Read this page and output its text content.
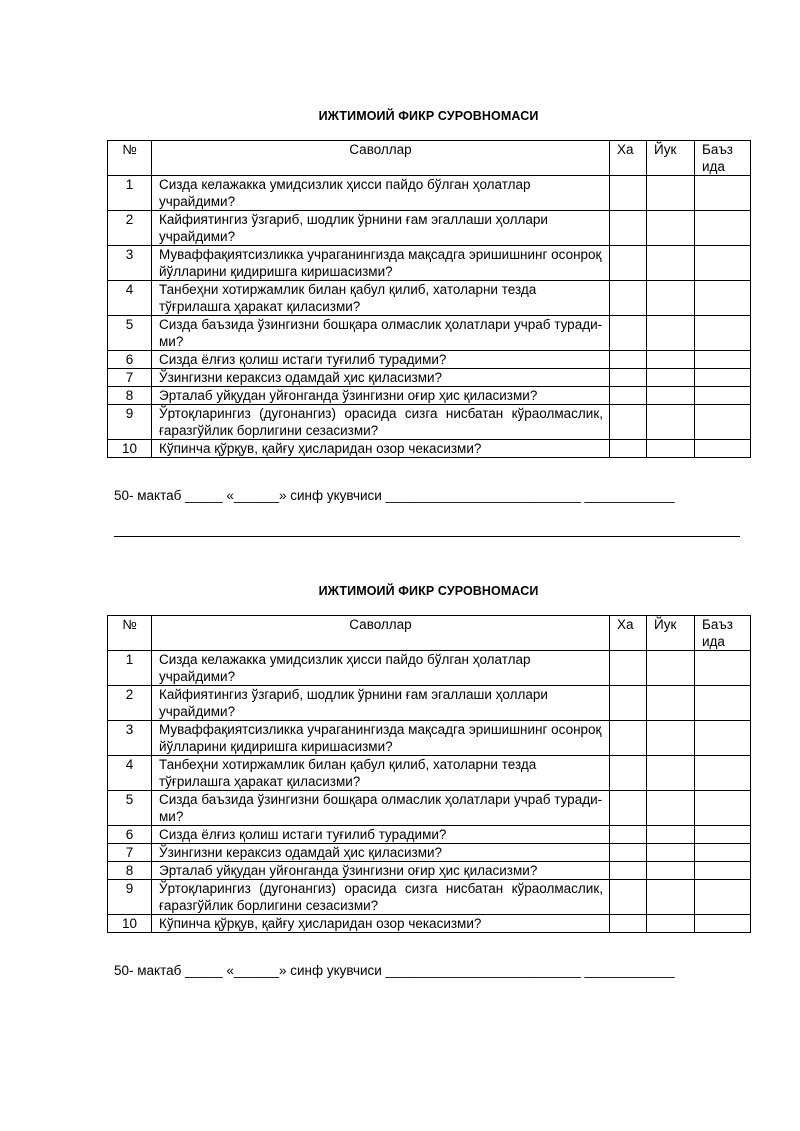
ИЖТИМОИЙ ФИКР СУРОВНОМАСИ
№	Саволлар	Ха	Йук	Баъз ида
1	Сизда келажакка умидсизлик ҳисси пайдо бўлган ҳолатлар учрайдими?			
2	Кайфиятингиз ўзгариб, шодлик ўрнини ғам эгаллаши ҳоллари учрайдими?			
3	Муваффақиятсизликка учраганингизда мақсадга эришишнинг осонроқ йўлларини қидиришга киришасизми?			
4	Танбеҳни хотиржамлик билан қабул қилиб, хатоларни тезда тўғрилашга ҳаракат қиласизми?			
5	Сизда баъзида ўзингизни бошқара олмаслик ҳолатлари учраб турадими?			
6	Сизда ёлғиз қолиш истаги туғилиб турадими?			
7	Ўзингизни кераксиз одамдай ҳис қиласизми?			
8	Эрталаб уйқудан уйғонганда ўзингизни оғир ҳис қиласизми?			
9	Ўртоқларингиз (дугонангиз) орасида сизга нисбатан кўраолмаслик, ғаразгўйлик борлигини сезасизми?			
10	Кўпинча қўрқув, қайғу ҳисларидан озор чекасизми?			
50- мактаб _____ «______» синф укувчиси __________________________ ____________
ИЖТИМОИЙ ФИКР СУРОВНОМАСИ
№	Саволлар	Ха	Йук	Баъз ида
1	Сизда келажакка умидсизлик ҳисси пайдо бўлган ҳолатлар учрайдими?			
2	Кайфиятингиз ўзгариб, шодлик ўрнини ғам эгаллаши ҳоллари учрайдими?			
3	Муваффақиятсизликка учраганингизда мақсадга эришишнинг осонроқ йўлларини қидиришга киришасизми?			
4	Танбеҳни хотиржамлик билан қабул қилиб, хатоларни тезда тўғрилашга ҳаракат қиласизми?			
5	Сизда баъзида ўзингизни бошқара олмаслик ҳолатлари учраб турадими?			
6	Сизда ёлғиз қолиш истаги туғилиб турадими?			
7	Ўзингизни кераксиз одамдай ҳис қиласизми?			
8	Эрталаб уйқудан уйғонганда ўзингизни оғир ҳис қиласизми?			
9	Ўртоқларингиз (дугонангиз) орасида сизга нисбатан кўраолмаслик, ғаразгўйлик борлигини сезасизми?			
10	Кўпинча қўрқув, қайғу ҳисларидан озор чекасизми?			
50- мактаб _____ «______» синф укувчиси __________________________ ____________
